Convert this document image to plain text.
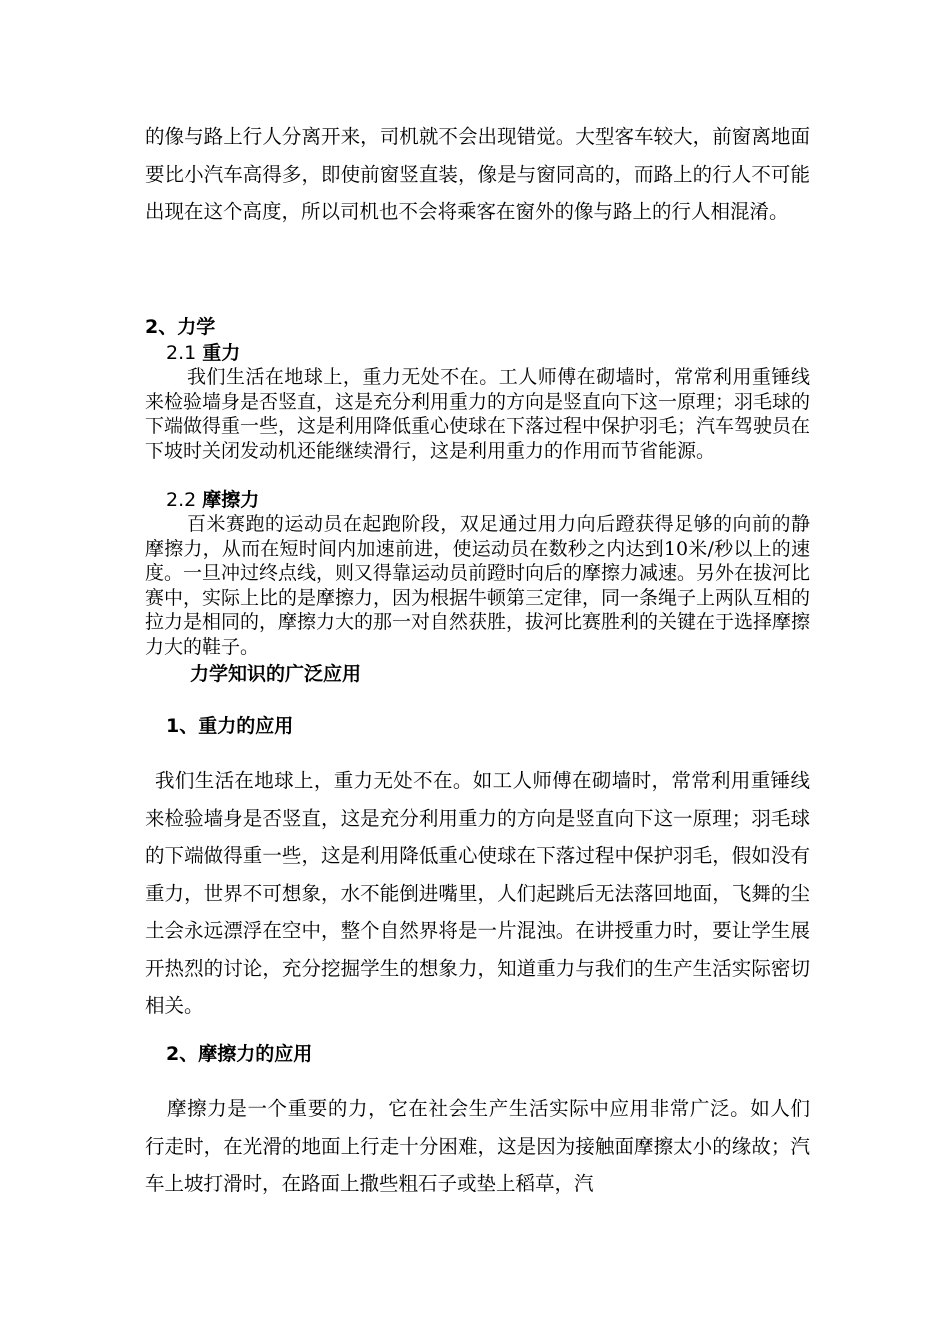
的像与路上行人分离开来，司机就不会出现错觉。大型客车较大，前窗离地面要比小汽车高得多，即使前窗竖直装，像是与窗同高的，而路上的行人不可能出现在这个高度，所以司机也不会将乘客在窗外的像与路上的行人相混淆。

2、力学

2.1 重力

我们生活在地球上，重力无处不在。工人师傅在砌墙时，常常利用重锤线来检验墙身是否竖直，这是充分利用重力的方向是竖直向下这一原理；羽毛球的下端做得重一些，这是利用降低重心使球在下落过程中保护羽毛；汽车驾驶员在下坡时关闭发动机还能继续滑行，这是利用重力的作用而节省能源。

2.2 摩擦力

百米赛跑的运动员在起跑阶段，双足通过用力向后蹬获得足够的向前的静摩擦力，从而在短时间内加速前进，使运动员在数秒之内达到10米/秒以上的速度。一旦冲过终点线，则又得靠运动员前蹬时向后的摩擦力减速。另外在拔河比赛中，实际上比的是摩擦力，因为根据牛顿第三定律，同一条绳子上两队互相的拉力是相同的，摩擦力大的那一对自然获胜，拔河比赛胜利的关键在于选择摩擦力大的鞋子。

力学知识的广泛应用

1、重力的应用

我们生活在地球上，重力无处不在。如工人师傅在砌墙时，常常利用重锤线来检验墙身是否竖直，这是充分利用重力的方向是竖直向下这一原理；羽毛球的下端做得重一些，这是利用降低重心使球在下落过程中保护羽毛，假如没有重力，世界不可想象，水不能倒进嘴里，人们起跳后无法落回地面，飞舞的尘土会永远漂浮在空中，整个自然界将是一片混浊。在讲授重力时，要让学生展开热烈的讨论，充分挖掘学生的想象力，知道重力与我们的生产生活实际密切相关。

2、摩擦力的应用

摩擦力是一个重要的力，它在社会生产生活实际中应用非常广泛。如人们行走时，在光滑的地面上行走十分困难，这是因为接触面摩擦太小的缘故；汽车上坡打滑时，在路面上撒些粗石子或垫上稻草，汽
